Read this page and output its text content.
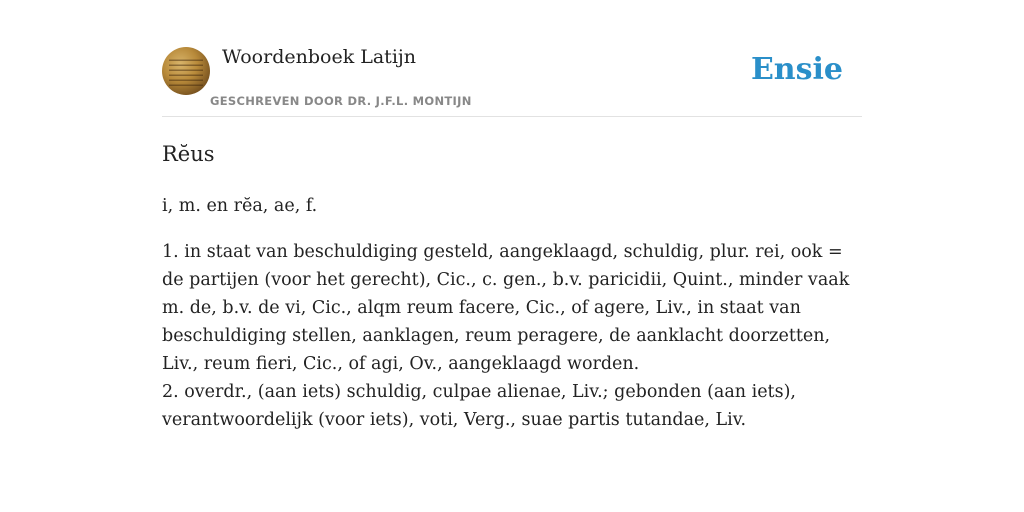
Woordenboek Latijn
GESCHREVEN DOOR DR. J.F.L. MONTIJN
Ensie
Rĕus

i, m. en rĕa, ae, f.

1. in staat van beschuldiging gesteld, aangeklaagd, schuldig, plur. rei, ook = de partijen (voor het gerecht), Cic., c. gen., b.v. paricidii, Quint., minder vaak m. de, b.v. de vi, Cic., alqm reum facere, Cic., of agere, Liv., in staat van beschuldiging stellen, aanklagen, reum peragere, de aanklacht doorzetten, Liv., reum fieri, Cic., of agi, Ov., aangeklaagd worden.

2. overdr., (aan iets) schuldig, culpae alienae, Liv.; gebonden (aan iets), verantwoordelijk (voor iets), voti, Verg., suae partis tutandae, Liv.
